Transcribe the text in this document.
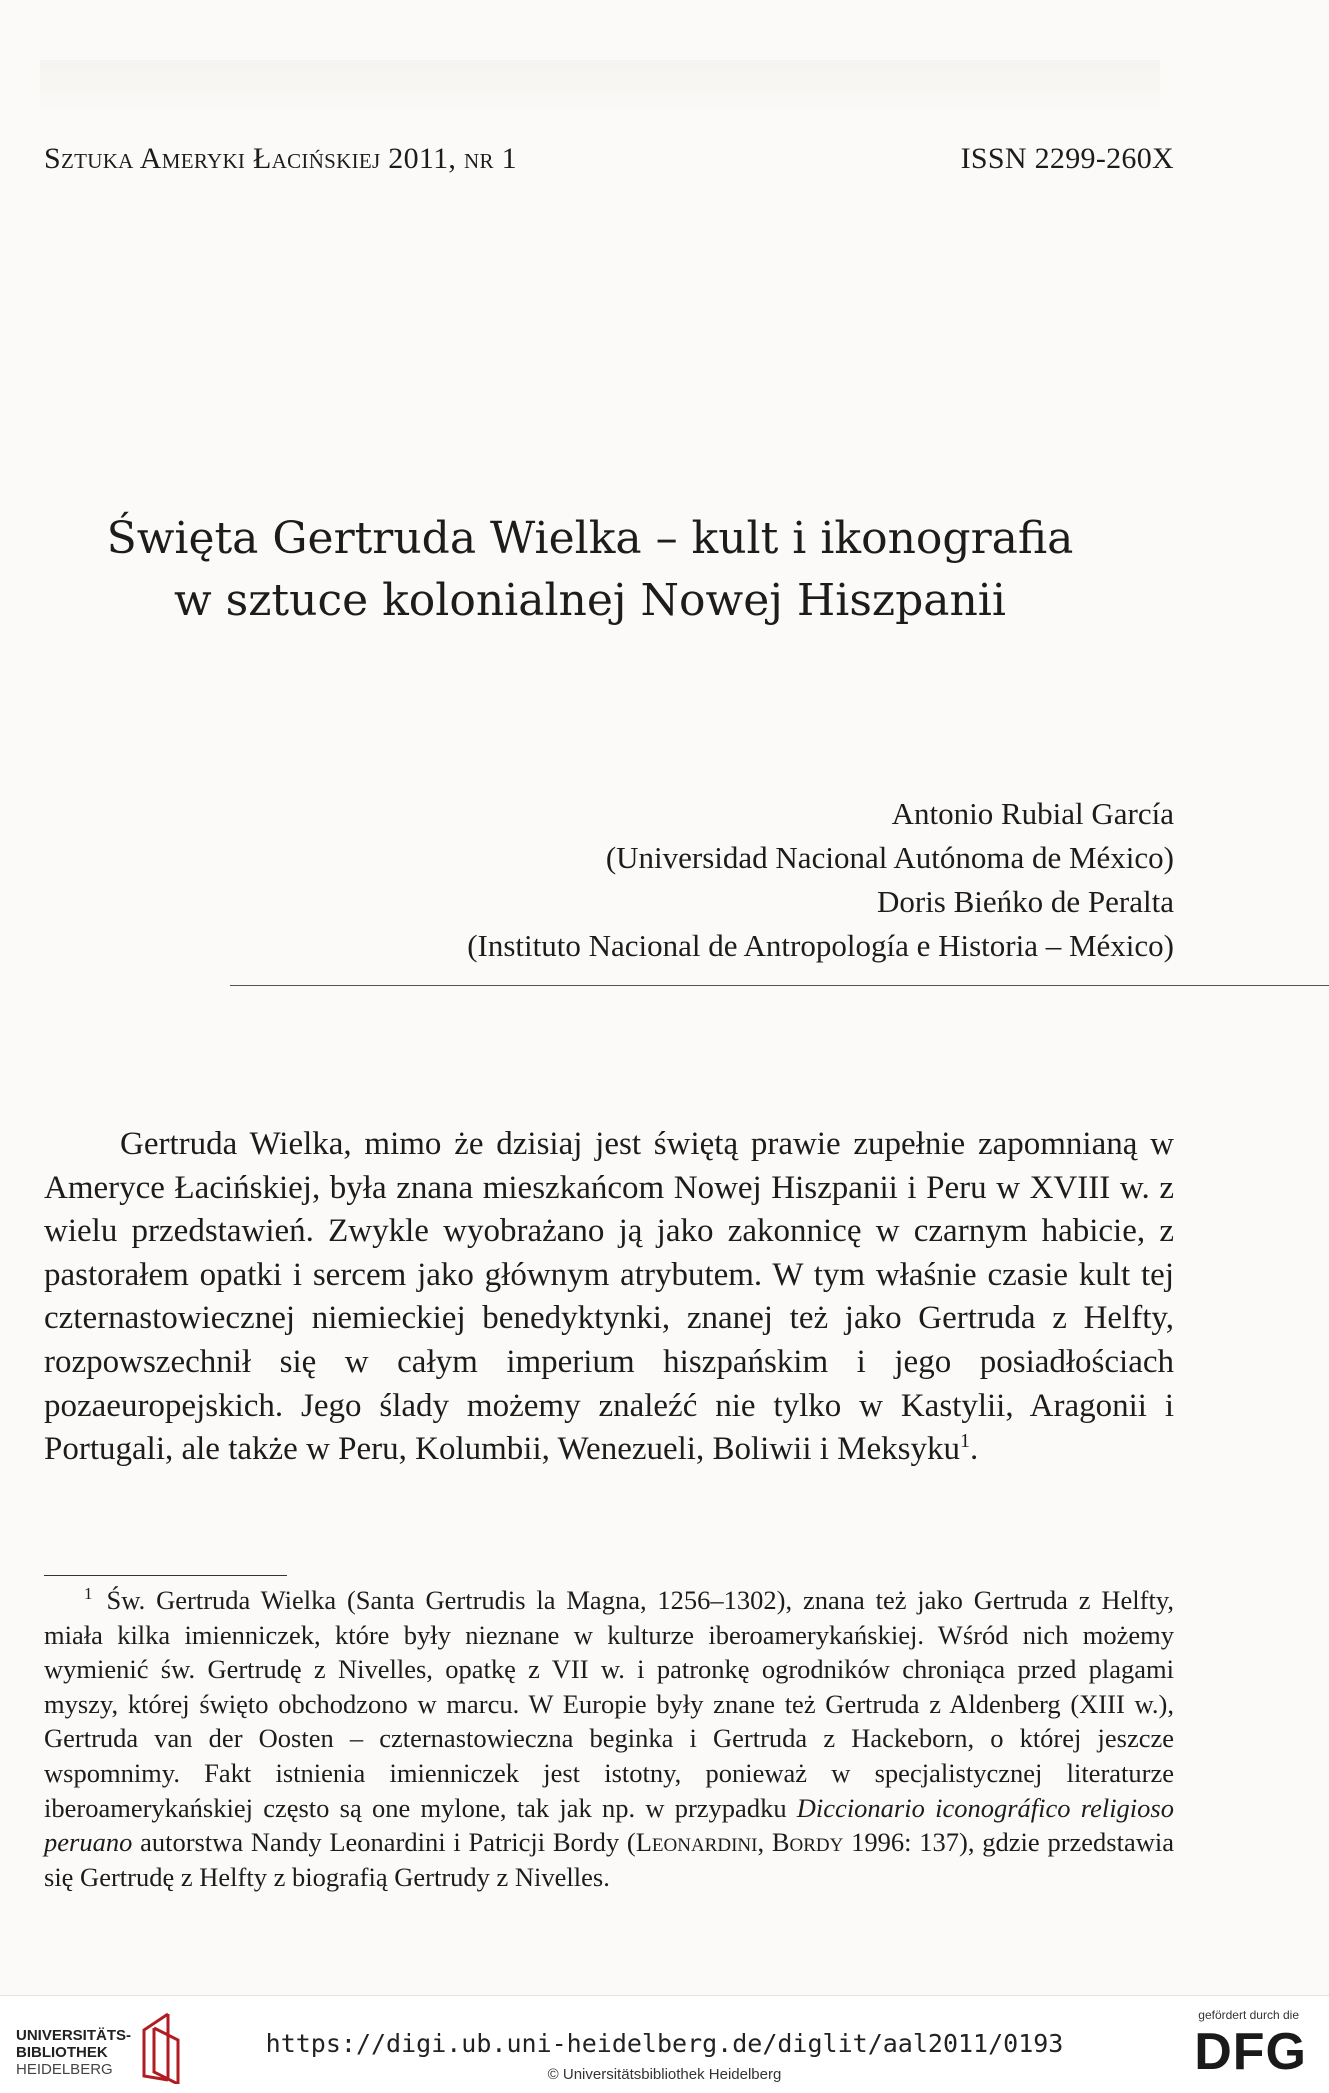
Sztuka Ameryki Łacińskiej 2011, nr 1	ISSN 2299-260X
Święta Gertruda Wielka – kult i ikonografia
w sztuce kolonialnej Nowej Hiszpanii
Antonio Rubial García
(Universidad Nacional Autónoma de México)
Doris Bieńko de Peralta
(Instituto Nacional de Antropología e Historia – México)

Gertruda Wielka, mimo że dzisiaj jest świętą prawie zupełnie zapomnianą w Ameryce Łacińskiej, była znana mieszkańcom Nowej Hiszpanii i Peru w XVIII w. z wielu przedstawień. Zwykle wyobrażano ją jako zakonnicę w czarnym habicie, z pastorałem opatki i sercem jako głównym atrybutem. W tym właśnie czasie kult tej czternastowiecznej niemieckiej benedyktynki, znanej też jako Gertruda z Helfty, rozpowszechnił się w całym imperium hiszpańskim i jego posiadłościach pozaeuropejskich. Jego ślady możemy znaleźć nie tylko w Kastylii, Aragonii i Portugali, ale także w Peru, Kolumbii, Wenezueli, Boliwii i Meksyku$^1$.

$^1$ Św. Gertruda Wielka (Santa Gertrudis la Magna, 1256–1302), znana też jako Gertruda z Helfty, miała kilka imienniczek, które były nieznane w kulturze iberoamerykańskiej. Wśród nich możemy wymienić św. Gertrudę z Nivelles, opatkę z VII w. i patronkę ogrodników chroniąca przed plagami myszy, której święto obchodzono w marcu. W Europie były znane też Gertruda z Aldenberg (XIII w.), Gertruda van der Oosten – czternastowieczna beginka i Gertruda z Hackeborn, o której jeszcze wspomnimy. Fakt istnienia imienniczek jest istotny, ponieważ w specjalistycznej literaturze iberoamerykańskiej często są one mylone, tak jak np. w przypadku Diccionario iconográfico religioso peruano autorstwa Nandy Leonardini i Patricji Bordy (Leonardini, Bordy 1996: 137), gdzie przedstawia się Gertrudę z Helfty z biografią Gertrudy z Nivelles.

UNIVERSITÄTS-
BIBLIOTHEK
HEIDELBERG
https://digi.ub.uni-heidelberg.de/diglit/aal2011/0193
© Universitätsbibliothek Heidelberg
gefördert durch die
DFG
